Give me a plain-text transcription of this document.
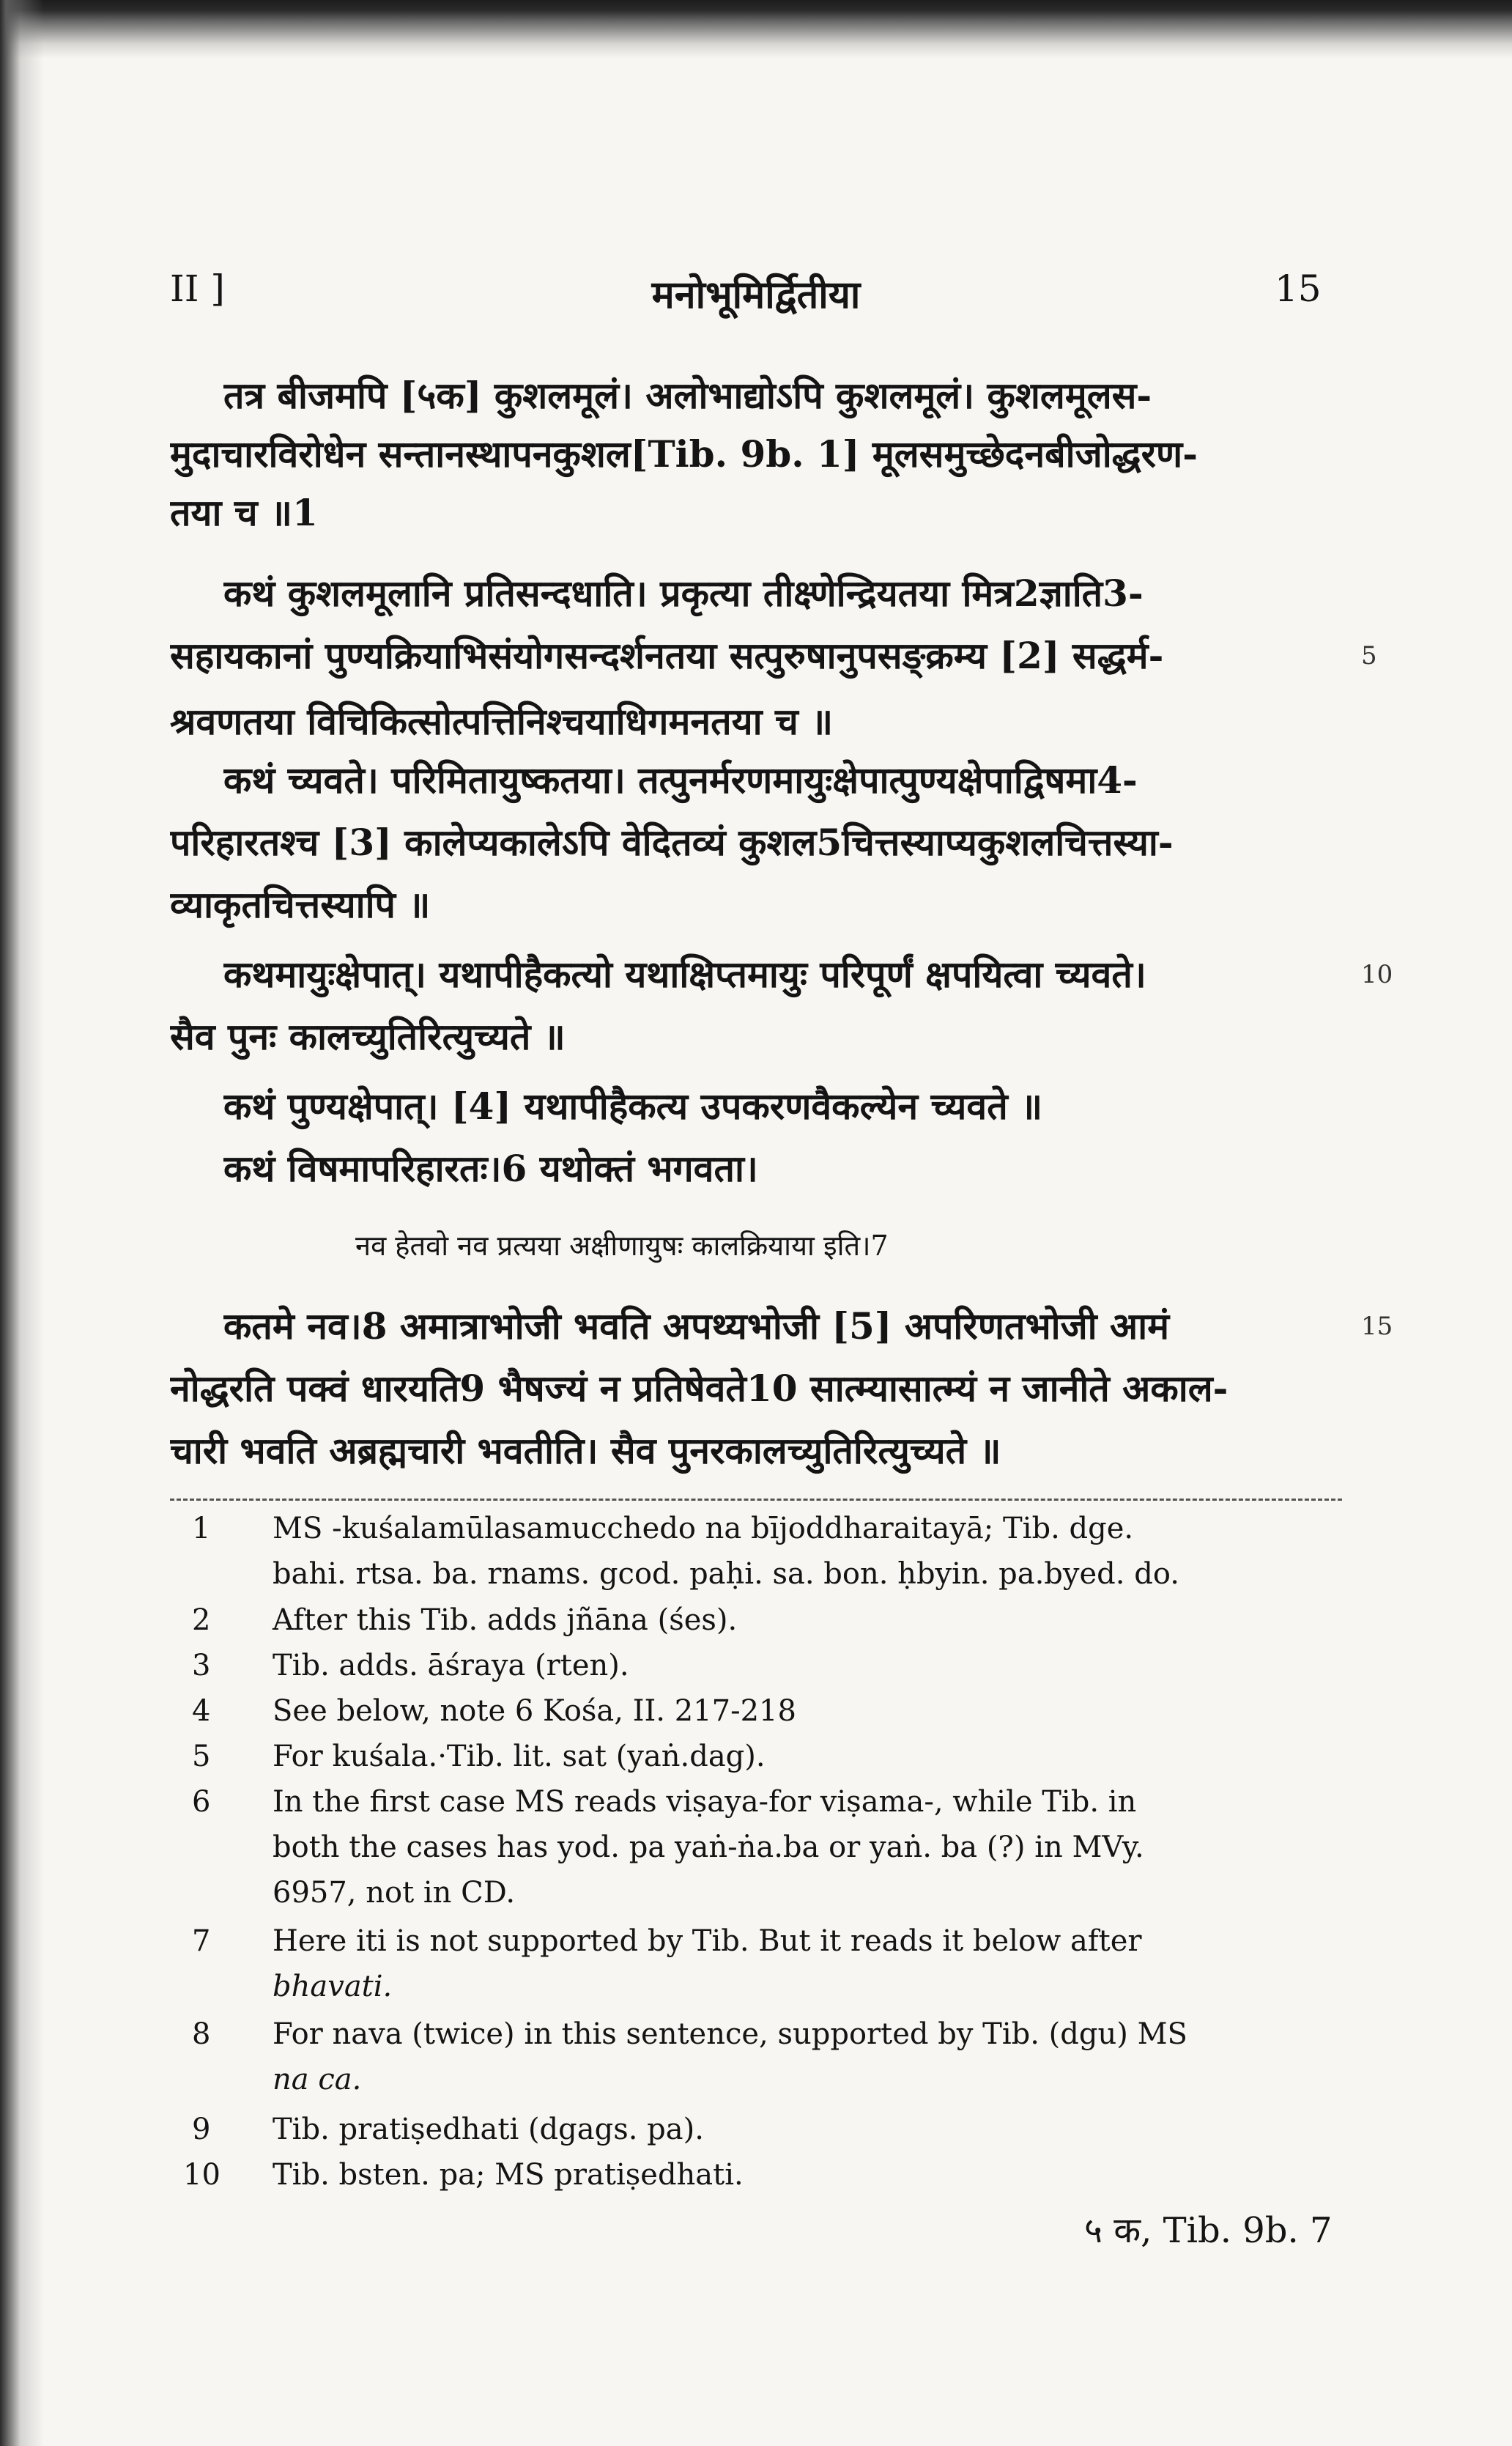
मनोभूमिर्द्वितीया
II ]	15
तत्र बीजमपि [५क] कुशलमूलं। अलोभाद्योऽपि कुशलमूलं। कुशलमूलस-
मुदाचारविरोधेन सन्तानस्थापनकुशल[Tib. 9b. 1] मूलसमुच्छेदनबीजोद्धरण-
तया च ॥1
कथं कुशलमूलानि प्रतिसन्दधाति। प्रकृत्या तीक्ष्णेन्द्रियतया मित्र2ज्ञाति3-
सहायकानां पुण्यक्रियाभिसंयोगसन्दर्शनतया सत्पुरुषानुपसङ्क्रम्य [2] सद्धर्म-
श्रवणतया विचिकित्सोत्पत्तिनिश्चयाधिगमनतया च ॥
कथं च्यवते। परिमितायुष्कतया। तत्पुनर्मरणमायुःक्षेपात्पुण्यक्षेपाद्विषमा4-
परिहारतश्च [3] कालेप्यकालेऽपि वेदितव्यं कुशल5चित्तस्याप्यकुशलचित्तस्या-
व्याकृतचित्तस्यापि ॥
कथमायुःक्षेपात्। यथापीहैकत्यो यथाक्षिप्तमायुः परिपूर्णं क्षपयित्वा च्यवते।
सैव पुनः कालच्युतिरित्युच्यते ॥
कथं पुण्यक्षेपात्। [4] यथापीहैकत्य उपकरणवैकल्येन च्यवते ॥
कथं विषमापरिहारतः।6 यथोक्तं भगवता।
नव हेतवो नव प्रत्यया अक्षीणायुषः कालक्रियाया इति।7
कतमे नव।8 अमात्राभोजी भवति अपथ्यभोजी [5] अपरिणतभोजी आमं
नोद्धरति पक्वं धारयति9 भैषज्यं न प्रतिषेवते10 सात्म्यासात्म्यं न जानीते अकाल-
चारी भवति अब्रह्मचारी भवतीति। सैव पुनरकालच्युतिरित्युच्यते ॥
5
10
15
1	MS -kuśalamūlasamucchedo na bījoddharaitayā; Tib. dge.
bahi. rtsa. ba. rnams. gcod. paḥi. sa. bon. ḥbyin. pa.byed. do.
2	After this Tib. adds jñāna (śes).
3	Tib. adds. āśraya (rten).
4	See below, note 6 Kośa, II. 217-218
5	For kuśala.·Tib. lit. sat (yaṅ.dag).
6	In the first case MS reads viṣaya-for viṣama-, while Tib. in
both the cases has yod. pa yaṅ-ṅa.ba or yaṅ. ba (?) in MVy.
6957, not in CD.
7	Here iti is not supported by Tib. But it reads it below after
bhavati.
8	For nava (twice) in this sentence, supported by Tib. (dgu) MS
na ca.
9	Tib. pratiṣedhati (dgags. pa).
10 Tib. bsten. pa; MS pratiṣedhati.
५ क, Tib. 9b. 7
